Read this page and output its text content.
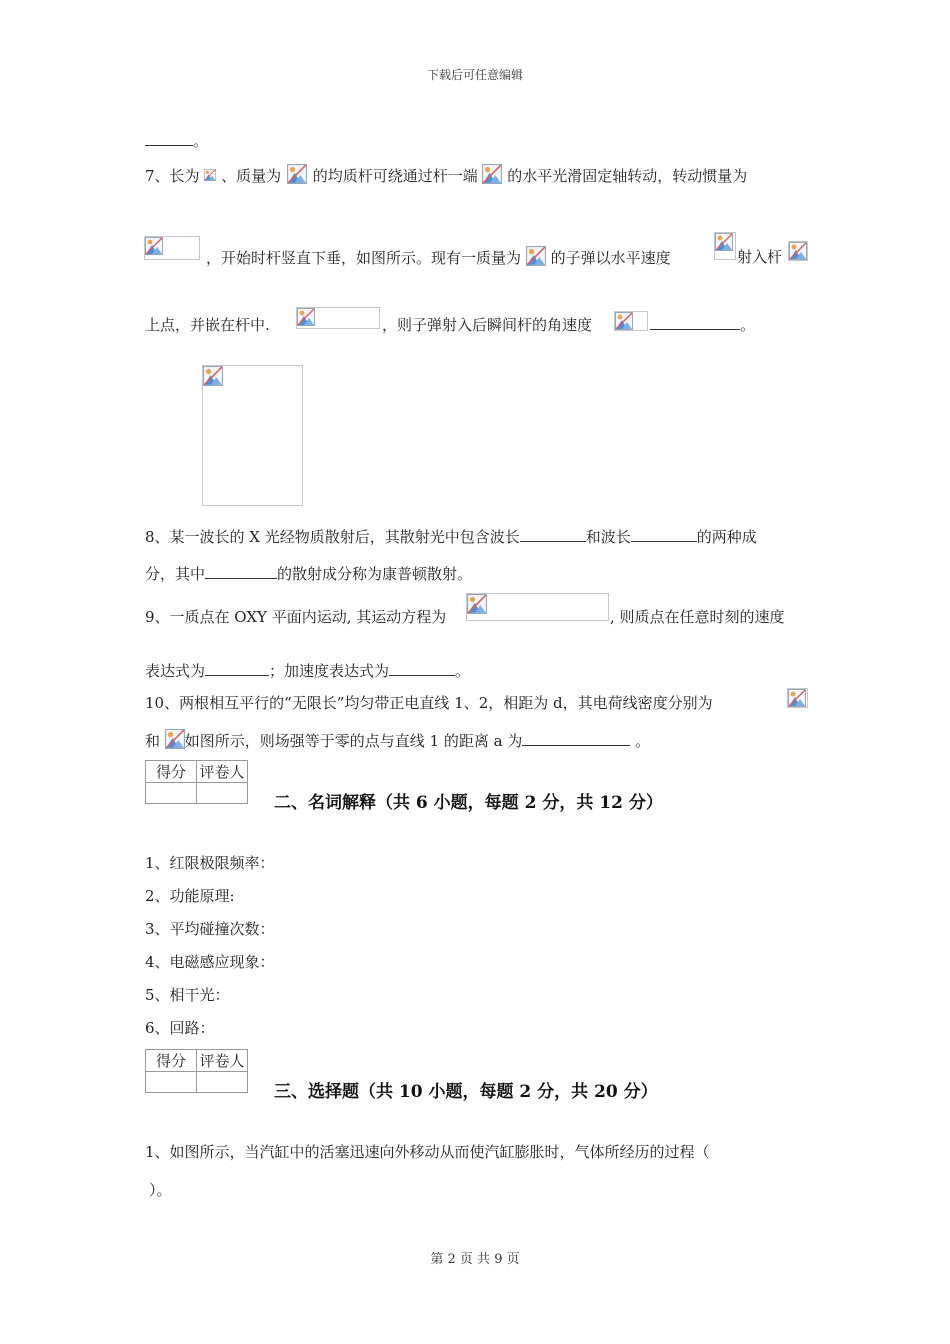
下载后可任意编辑
。
7、长为 、质量为 的均质杆可绕通过杆一端 的水平光滑固定轴转动，转动惯量为
，开始时杆竖直下垂，如图所示。现有一质量为 的子弹以水平速度	射入杆
上点，并嵌在杆中.	，则子弹射入后瞬间杆的角速度	。
8、某一波长的 X 光经物质散射后，其散射光中包含波长	和波长	的两种成
分，其中	的散射成分称为康普顿散射。
9、一质点在 OXY 平面内运动, 其运动方程为	, 则质点在任意时刻的速度
表达式为	；加速度表达式为	。
10、两根相互平行的“无限长”均匀带正电直线 1、2，相距为 d，其电荷线密度分别为
和 如图所示，则场强等于零的点与直线 1 的距离 a 为	。
得分	评卷人

二、名词解释（共 6 小题，每题 2 分，共 12 分）
1、红限极限频率：
2、功能原理:
3、平均碰撞次数：
4、电磁感应现象：
5、相干光：
6、回路：
得分	评卷人

三、选择题（共 10 小题，每题 2 分，共 20 分）
1、如图所示，当汽缸中的活塞迅速向外移动从而使汽缸膨胀时，气体所经历的过程（
）。
第 2 页 共 9 页
